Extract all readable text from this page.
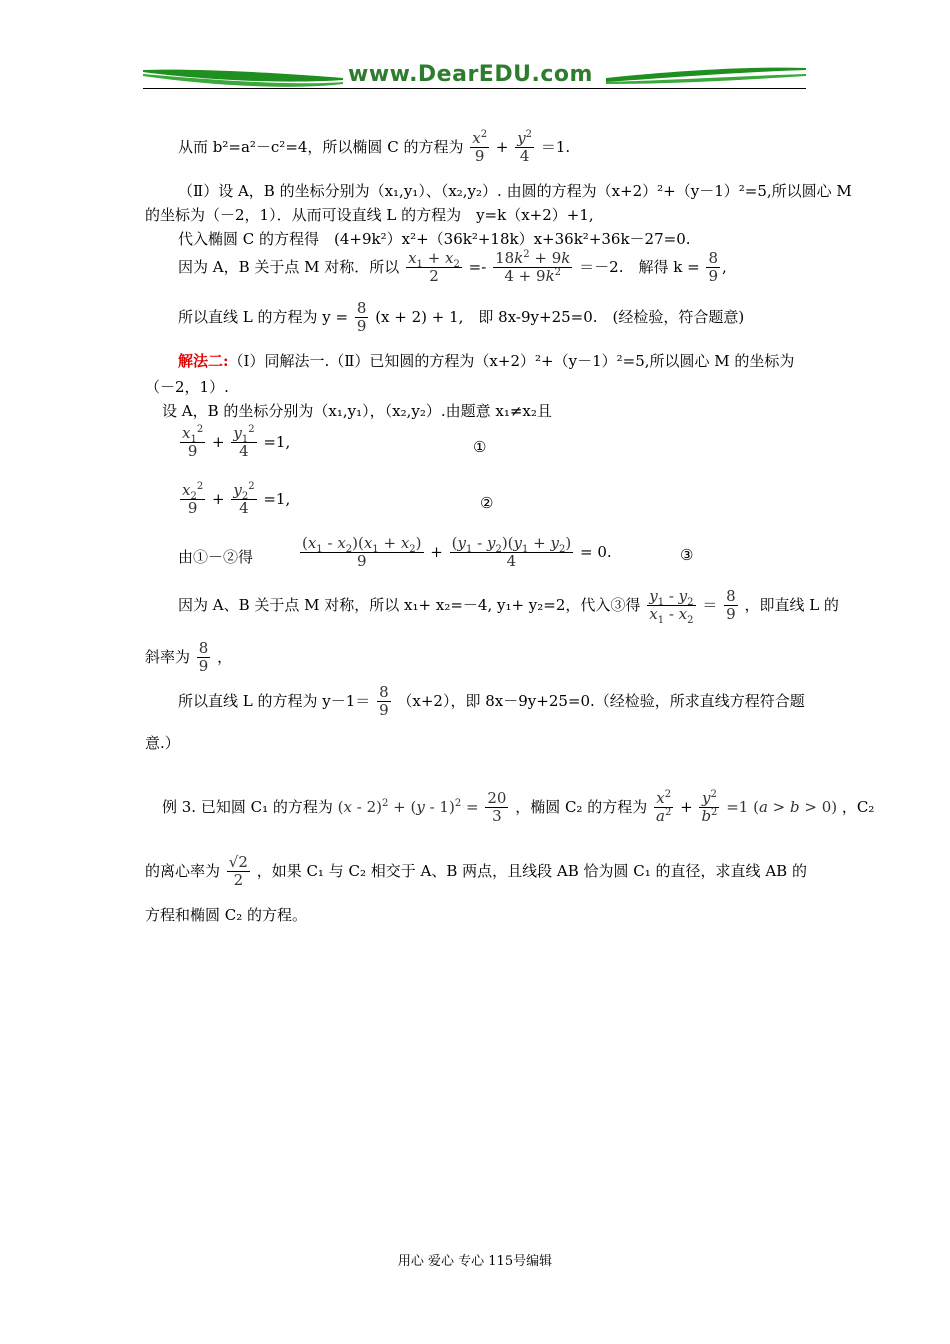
www.DearEDU.com
从而 b²=a²－c²=4，所以椭圆 C 的方程为 $\frac{x^2}{9} + \frac{y^2}{4} =1$.
（Ⅱ）设 A，B 的坐标分别为（x₁,y₁）、（x₂,y₂）. 由圆的方程为（x+2）²+（y－1）²=5,所以圆心 M
的坐标为（－2，1）．从而可设直线 L 的方程为　y=k（x+2）+1,
代入椭圆 C 的方程得　(4+9k²）x²+（36k²+18k）x+36k²+36k－27=0.
因为 A，B 关于点 M 对称．所以 $\frac{x_1 + x_2}{2} =- \frac{18k^2 + 9k}{4 + 9k^2} =-2$.　解得 $k = \frac{8}{9}$ ,
所以直线 L 的方程为 $y = \frac{8}{9} (x + 2) + 1$,　即 8x-9y+25=0.　(经检验，符合题意)
解法二:（Ⅰ）同解法一.（Ⅱ）已知圆的方程为（x+2）²+（y－1）²=5,所以圆心 M 的坐标为
（－2，1）.
设 A，B 的坐标分别为（x₁,y₁），（x₂,y₂）.由题意 x₁≠x₂且
$\frac{x_1^2}{9} + \frac{y_1^2}{4} =1$,	①
$\frac{x_2^2}{9} + \frac{y_2^2}{4} =1$,	②
由①－②得	$\frac{(x_1 - x_2)(x_1 + x_2)}{9} + \frac{(y_1 - y_2)(y_1 + y_2)}{4} = 0$.	③
因为 A、B 关于点 M 对称，所以 x₁+ x₂=－4, y₁+ y₂=2，代入③得 $\frac{y_1 - y_2}{x_1 - x_2} = \frac{8}{9}$ ，即直线 L 的
斜率为 $\frac{8}{9}$ ，
所以直线 L 的方程为 $y-1= \frac{8}{9} (x+2)$，即 8x－9y+25=0.（经检验，所求直线方程符合题
意.）
例 3. 已知圆 C₁ 的方程为 $(x - 2)^2 + (y - 1)^2 = \frac{20}{3}$ ，椭圆 C₂ 的方程为 $\frac{x^2}{a^2} + \frac{y^2}{b^2} =1$ (a > b > 0) ，C₂
的离心率为 $\frac{√2}{2}$ ，如果 C₁ 与 C₂ 相交于 A、B 两点，且线段 AB 恰为圆 C₁ 的直径，求直线 AB 的
方程和椭圆 C₂ 的方程。
用心 爱心 专心 115号编辑
